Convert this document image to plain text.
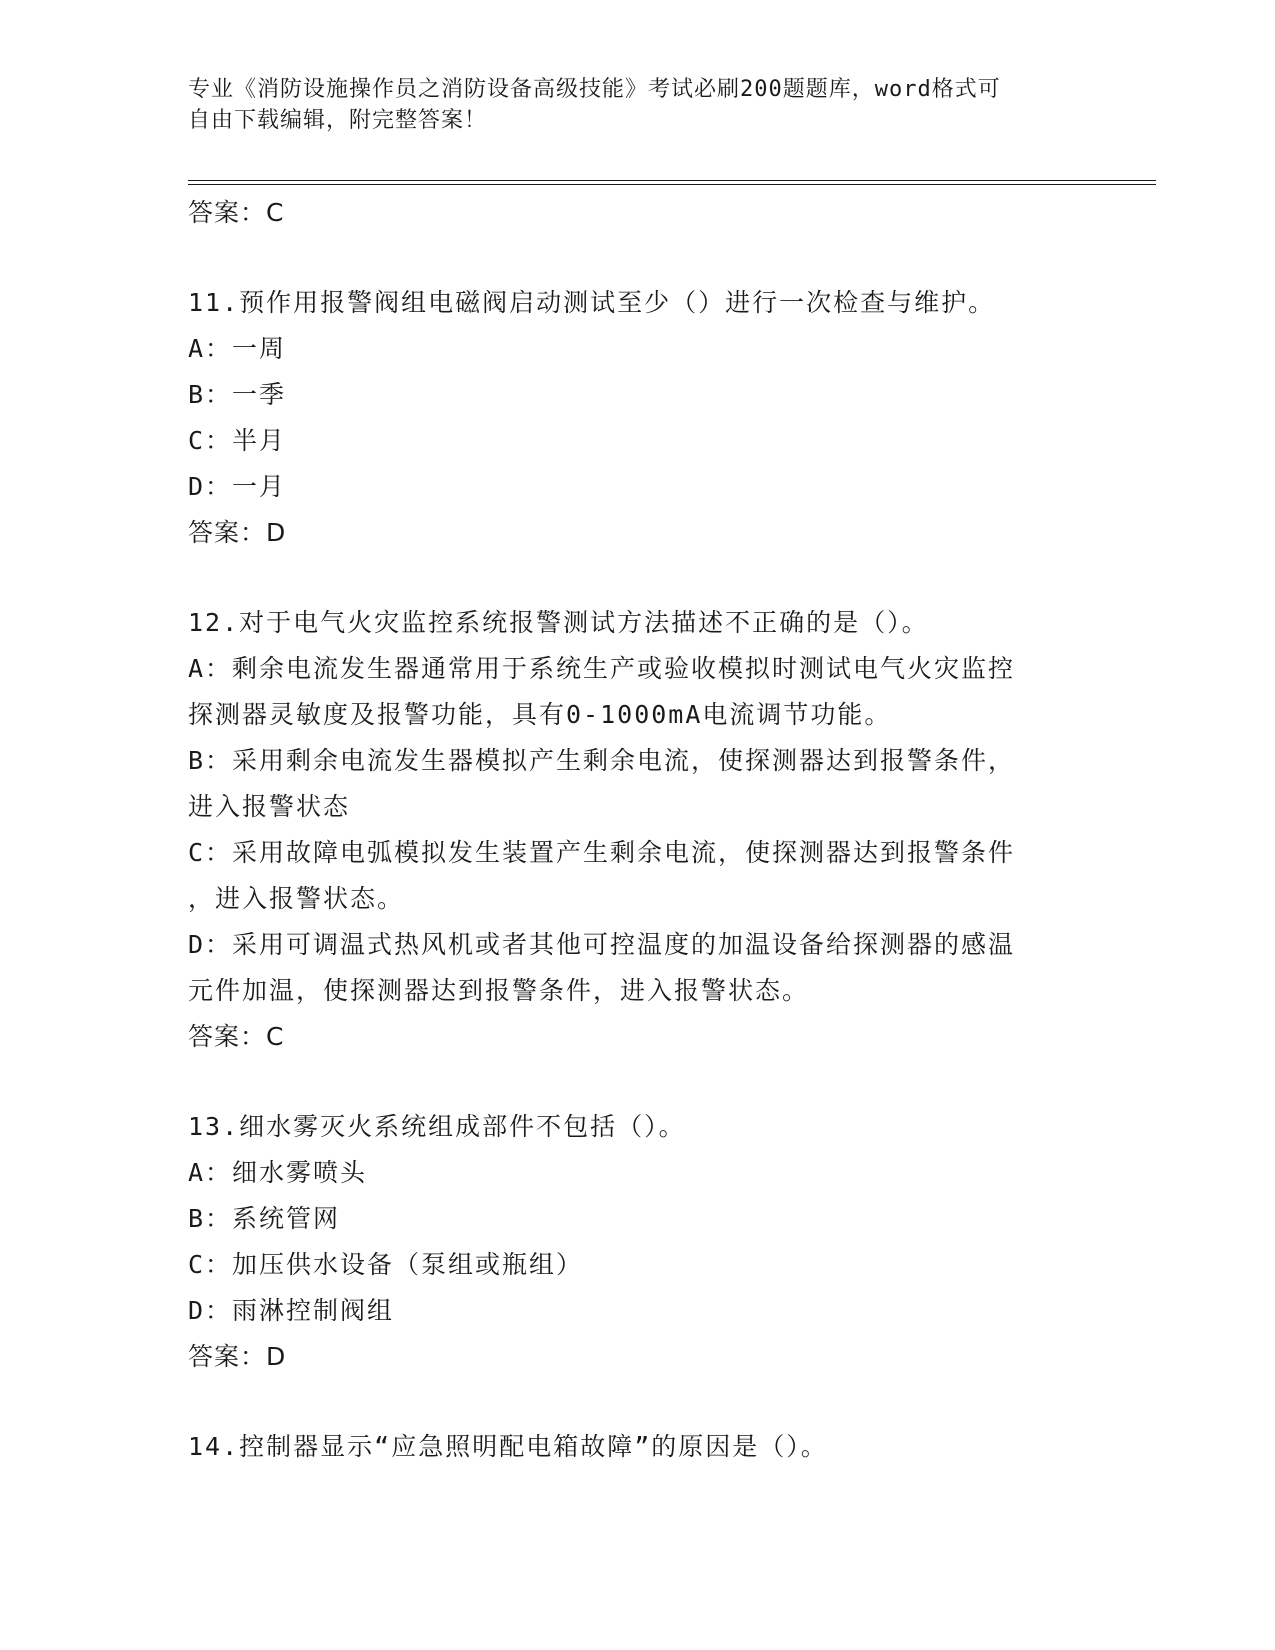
专业《消防设施操作员之消防设备高级技能》考试必刷200题题库，word格式可
自由下载编辑，附完整答案！
答案：C
11.预作用报警阀组电磁阀启动测试至少（）进行一次检查与维护。
A：一周
B：一季
C：半月
D：一月
答案：D
12.对于电气火灾监控系统报警测试方法描述不正确的是（）。
A：剩余电流发生器通常用于系统生产或验收模拟时测试电气火灾监控
探测器灵敏度及报警功能，具有0-1000mA电流调节功能。
B：采用剩余电流发生器模拟产生剩余电流，使探测器达到报警条件，
进入报警状态
C：采用故障电弧模拟发生装置产生剩余电流，使探测器达到报警条件
，进入报警状态。
D：采用可调温式热风机或者其他可控温度的加温设备给探测器的感温
元件加温，使探测器达到报警条件，进入报警状态。
答案：C
13.细水雾灭火系统组成部件不包括（）。
A：细水雾喷头
B：系统管网
C：加压供水设备（泵组或瓶组）
D：雨淋控制阀组
答案：D
14.控制器显示“应急照明配电箱故障”的原因是（）。
